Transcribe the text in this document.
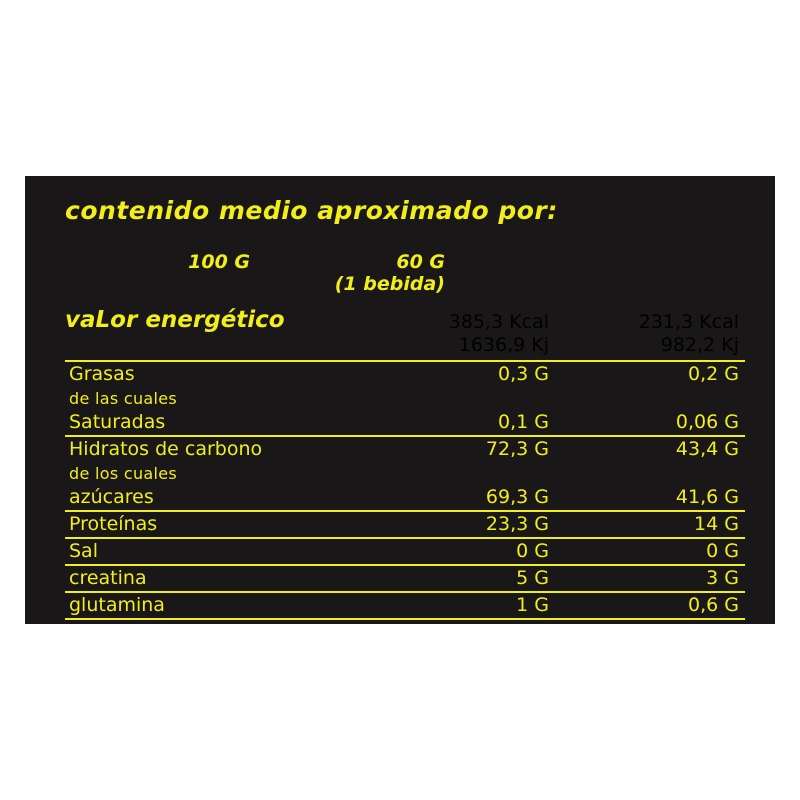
contenido medio aproximado por:
100 G	60 G
(1 bebida)
vaLor energético	385,3 Kcal	231,3 Kcal
1636,9 Kj	982,2 Kj
Grasas	0,3 G	0,2 G
de las cuales		
Saturadas	0,1 G	0,06 G
Hidratos de carbono	72,3 G	43,4 G
de los cuales		
azúcares	69,3 G	41,6 G
Proteínas	23,3 G	14 G
Sal	0 G	0 G
creatina	5 G	3 G
glutamina	1 G	0,6 G
